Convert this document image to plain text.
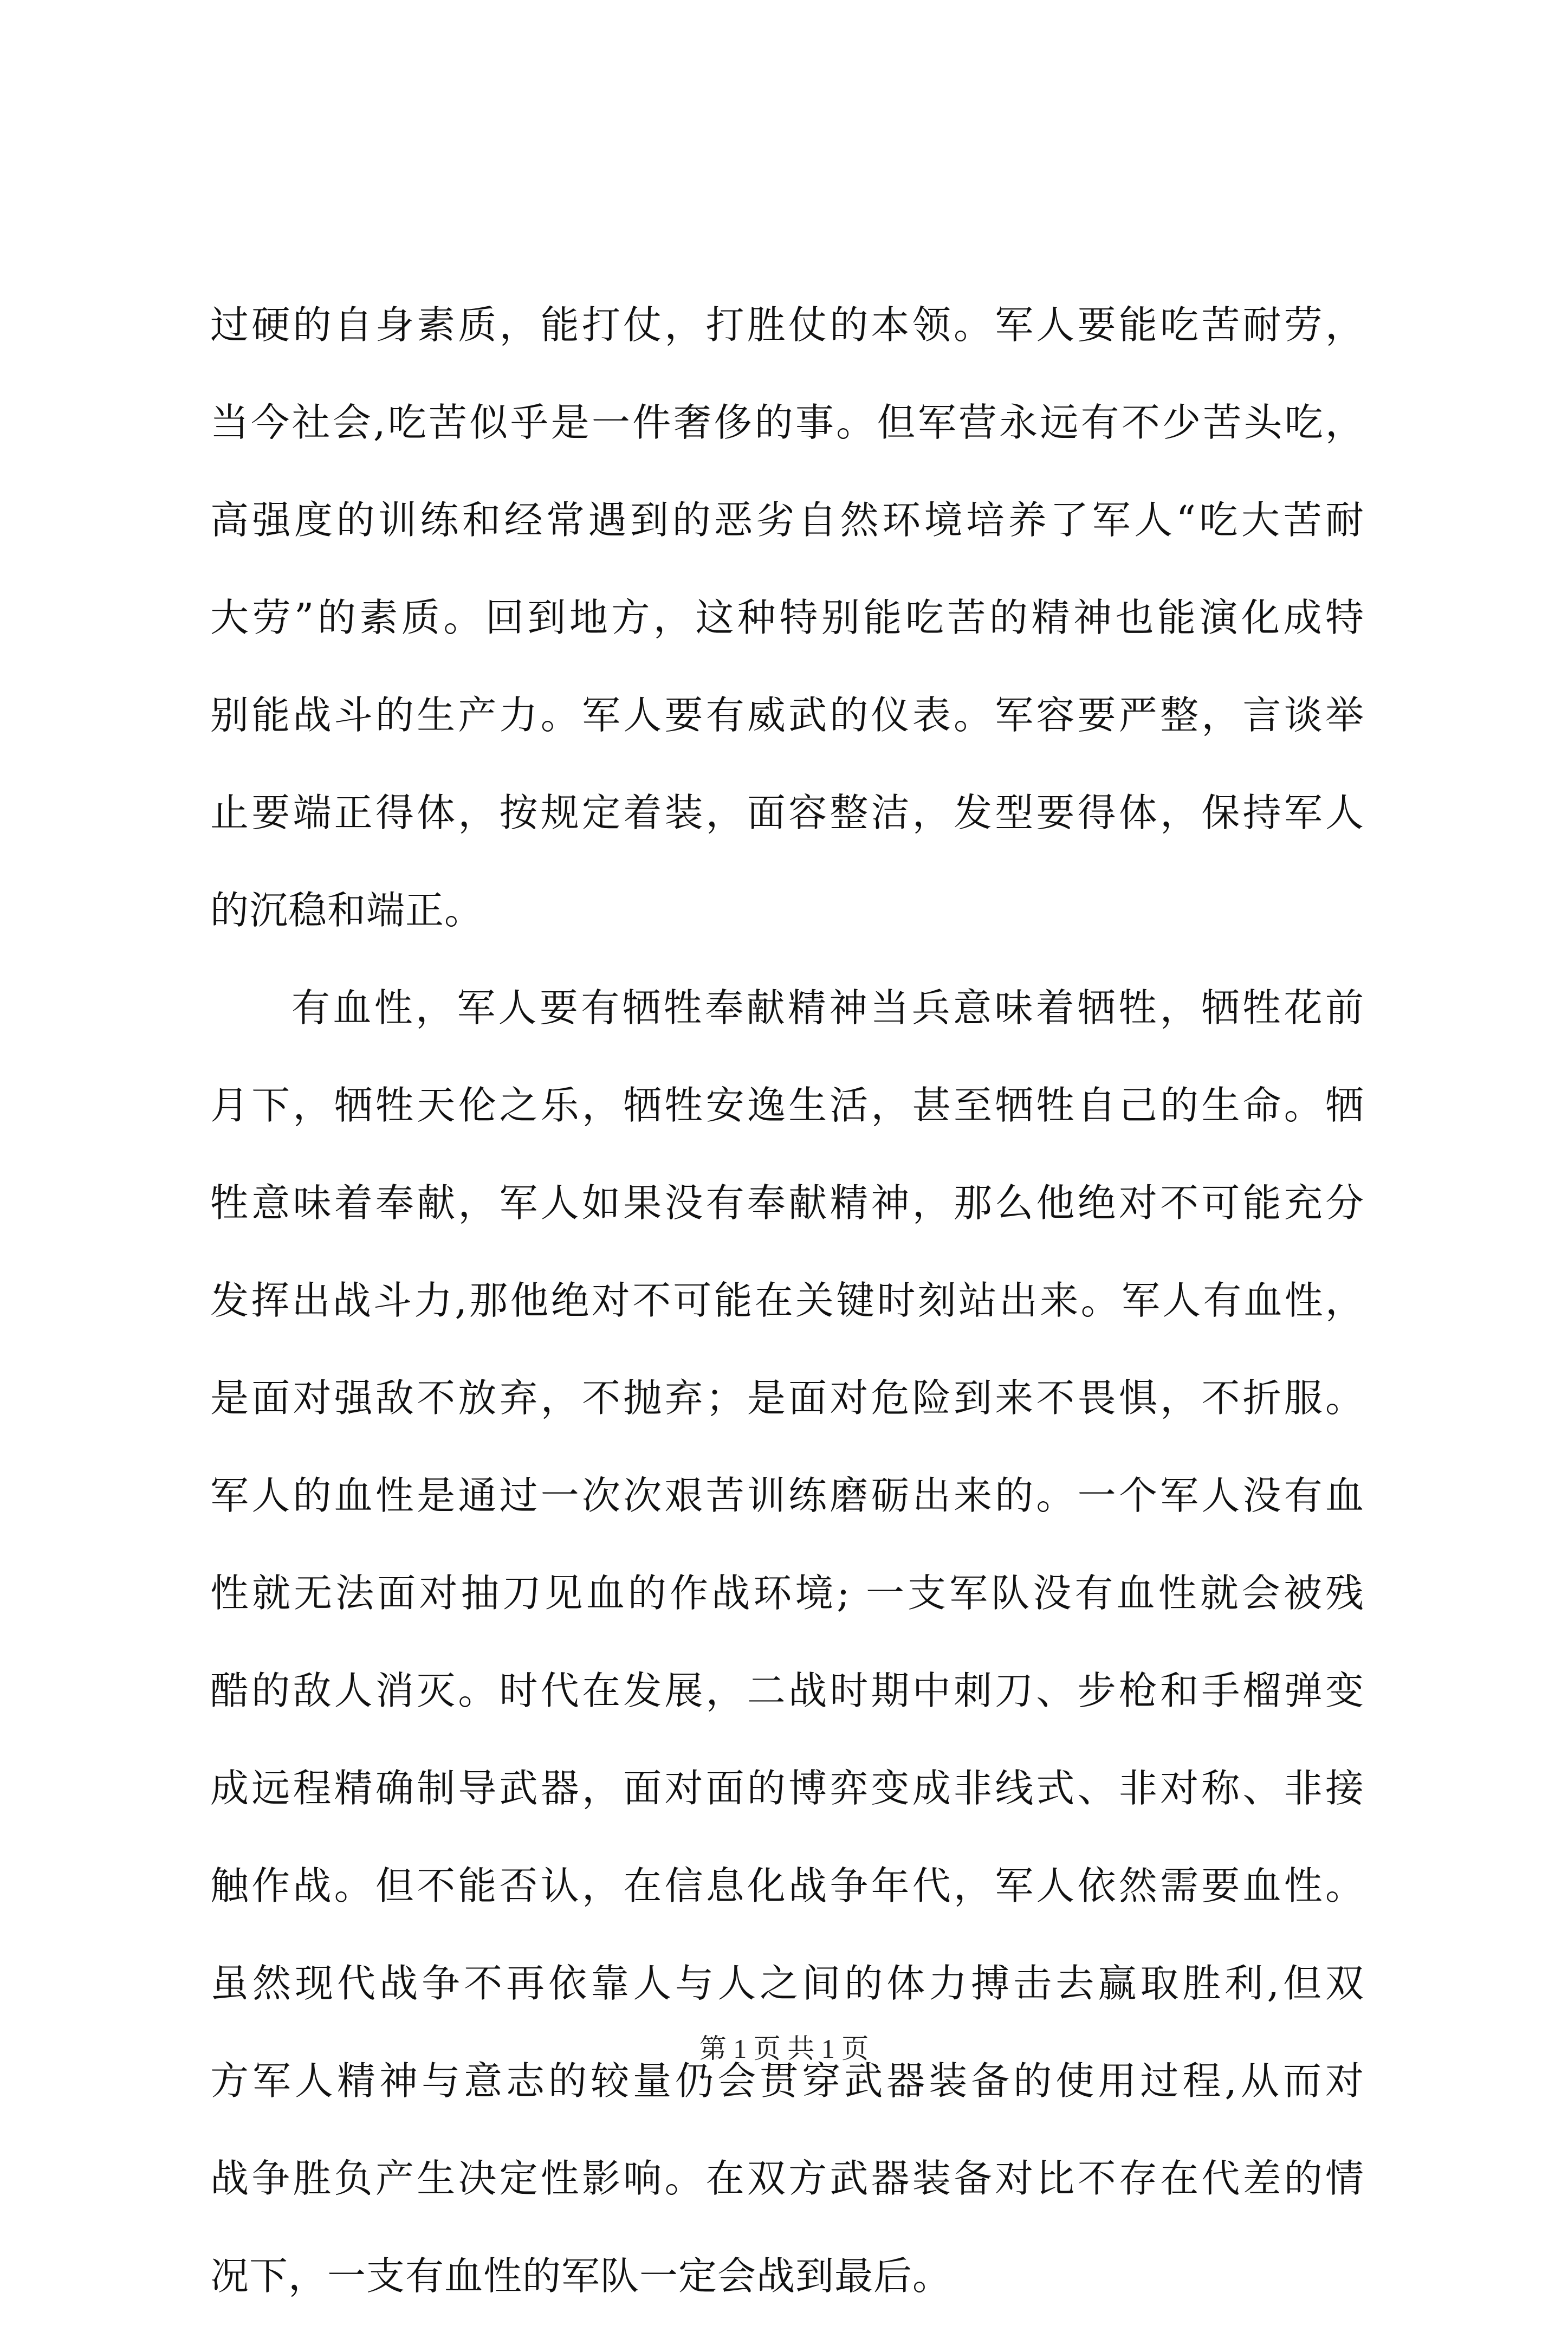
过硬的自身素质，能打仗，打胜仗的本领。军人要能吃苦耐劳，
当今社会,吃苦似乎是一件奢侈的事。但军营永远有不少苦头吃，
高强度的训练和经常遇到的恶劣自然环境培养了军人“吃大苦耐
大劳”的素质。回到地方，这种特别能吃苦的精神也能演化成特
别能战斗的生产力。军人要有威武的仪表。军容要严整，言谈举
止要端正得体，按规定着装，面容整洁，发型要得体，保持军人
的沉稳和端正。
有血性，军人要有牺牲奉献精神当兵意味着牺牲，牺牲花前
月下，牺牲天伦之乐，牺牲安逸生活，甚至牺牲自己的生命。牺
牲意味着奉献，军人如果没有奉献精神，那么他绝对不可能充分
发挥出战斗力,那他绝对不可能在关键时刻站出来。军人有血性，
是面对强敌不放弃，不抛弃；是面对危险到来不畏惧，不折服。
军人的血性是通过一次次艰苦训练磨砺出来的。一个军人没有血
性就无法面对抽刀见血的作战环境; 一支军队没有血性就会被残
酷的敌人消灭。时代在发展，二战时期中刺刀、步枪和手榴弹变
成远程精确制导武器，面对面的博弈变成非线式、非对称、非接
触作战。但不能否认，在信息化战争年代，军人依然需要血性。
虽然现代战争不再依靠人与人之间的体力搏击去赢取胜利,但双
方军人精神与意志的较量仍会贯穿武器装备的使用过程,从而对
战争胜负产生决定性影响。在双方武器装备对比不存在代差的情
况下，一支有血性的军队一定会战到最后。
第 1 页 共 1 页
